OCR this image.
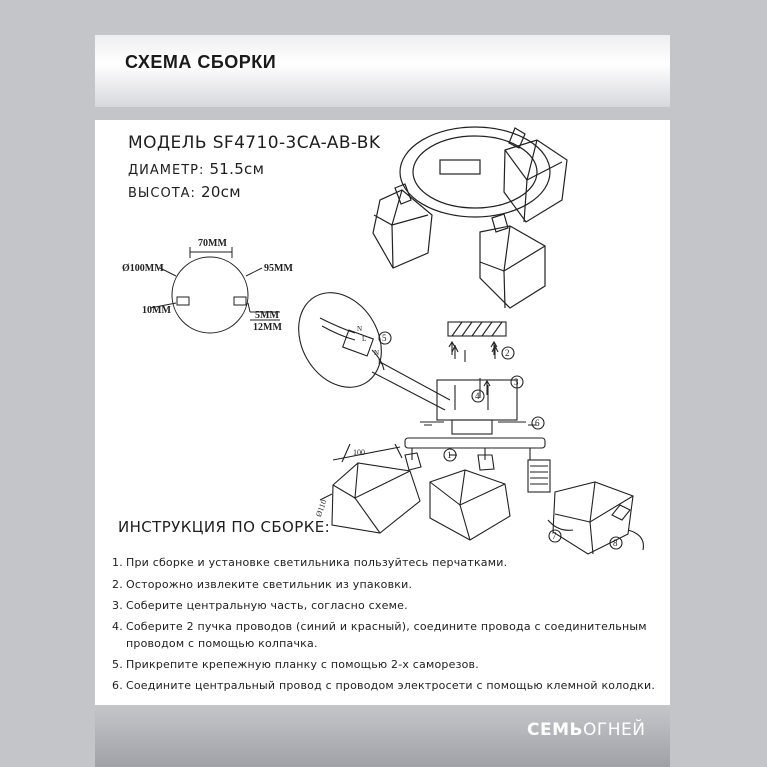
СХЕМА СБОРКИ
МОДЕЛЬ SF4710-3CA-AB-BK
ДИАМЕТР: 51.5см
ВЫСОТА: 20см
70MM
Ø100MM	95MM
10MM	5MM
12MM
1
2
3
4
5
6
7
8
N
L
N
L
100
Ø110
ИНСТРУКЦИЯ ПО СБОРКЕ:
1. При сборке и установке светильника пользуйтесь перчатками.
2. Осторожно извлеките светильник из упаковки.
3. Соберите центральную часть, согласно схеме.
4. Соберите 2 пучка проводов (синий и красный), соедините провода с соединительным
проводом с помощью колпачка.
5. Прикрепите крепежную планку с помощью 2-х саморезов.
6. Соедините центральный провод с проводом электросети с помощью клемной колодки.
СЕМЬОГНЕЙ
